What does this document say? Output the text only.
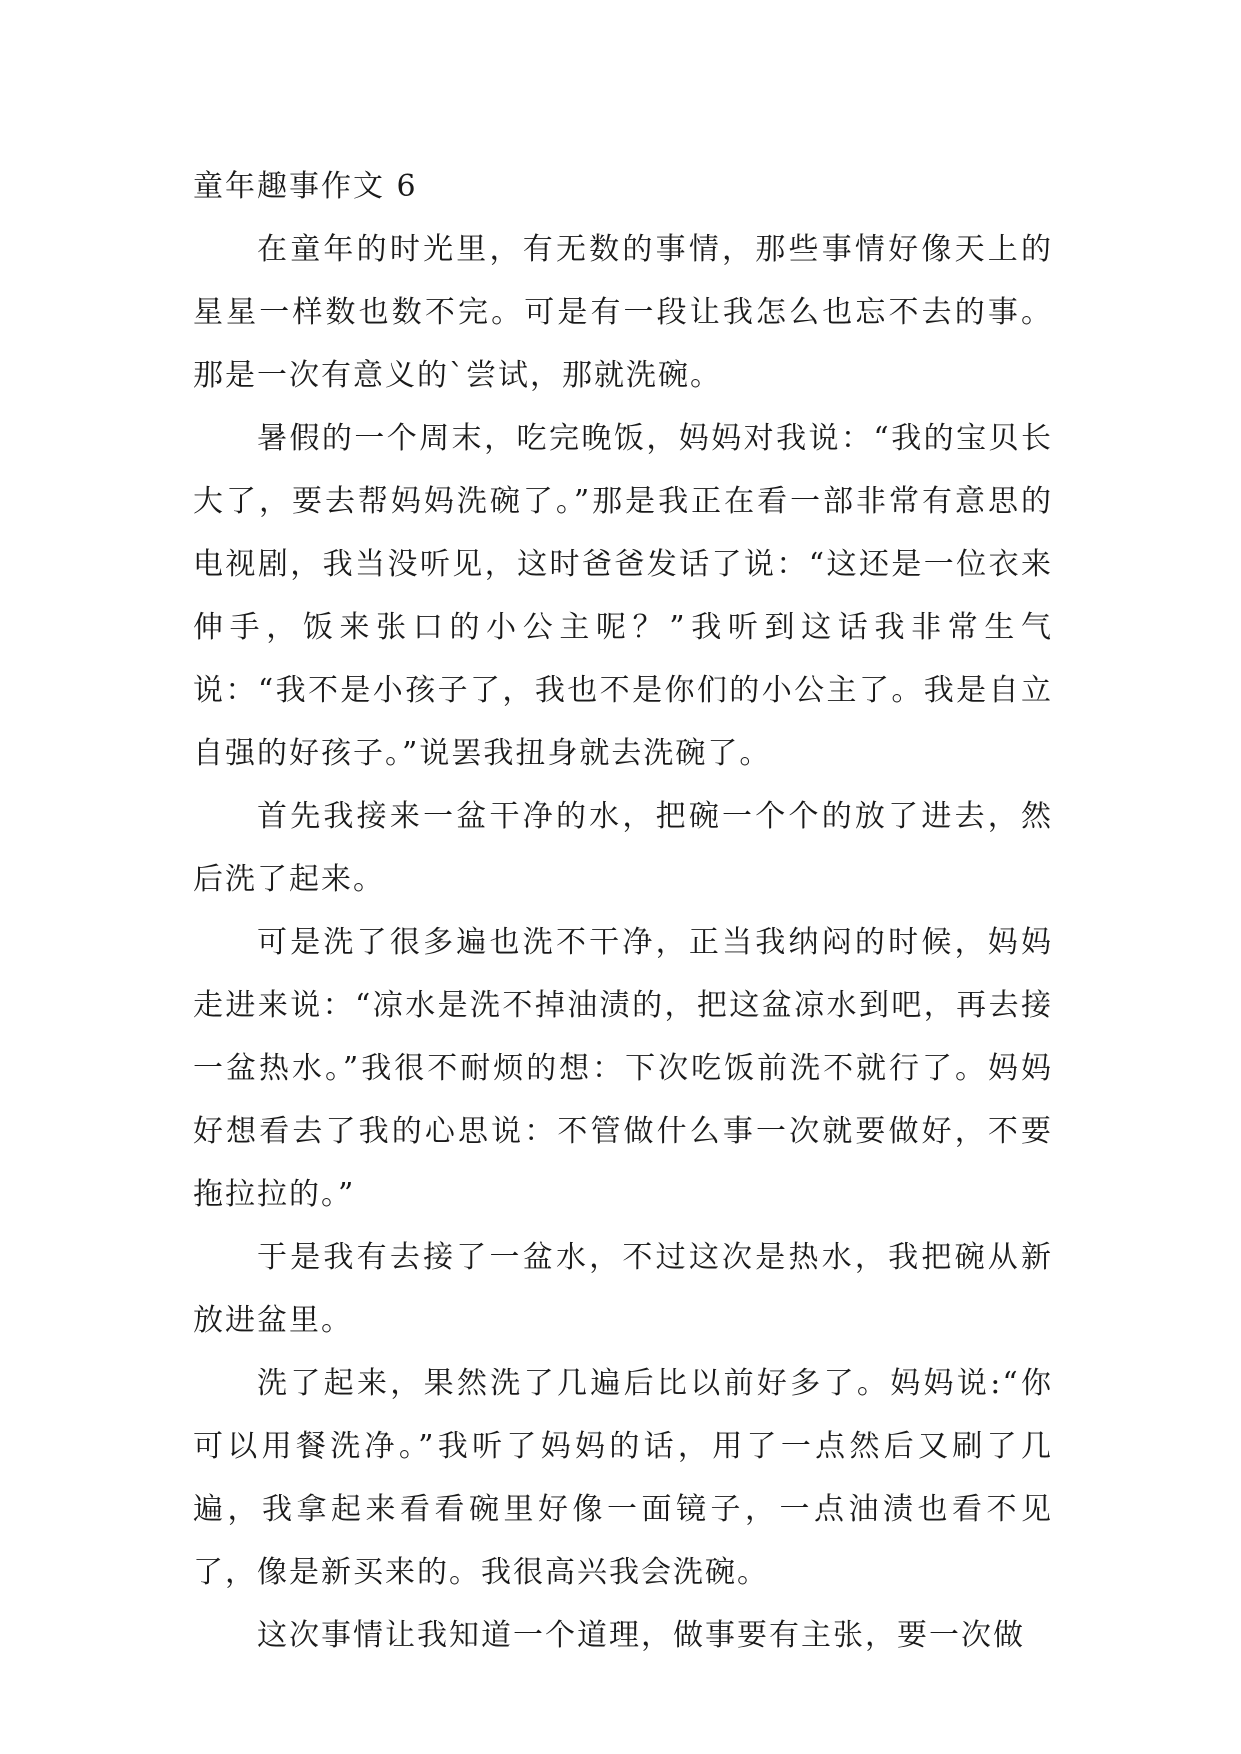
童年趣事作文 6

在童年的时光里，有无数的事情，那些事情好像天上的星星一样数也数不完。可是有一段让我怎么也忘不去的事。那是一次有意义的`尝试，那就洗碗。

暑假的一个周末，吃完晚饭，妈妈对我说：“我的宝贝长大了，要去帮妈妈洗碗了。”那是我正在看一部非常有意思的电视剧，我当没听见，这时爸爸发话了说：“这还是一位衣来伸手，饭来张口的小公主呢？”我听到这话我非常生气说：“我不是小孩子了，我也不是你们的小公主了。我是自立自强的好孩子。”说罢我扭身就去洗碗了。

首先我接来一盆干净的水，把碗一个个的放了进去，然后洗了起来。

可是洗了很多遍也洗不干净，正当我纳闷的时候，妈妈走进来说：“凉水是洗不掉油渍的，把这盆凉水到吧，再去接一盆热水。”我很不耐烦的想：下次吃饭前洗不就行了。妈妈好想看去了我的心思说：不管做什么事一次就要做好，不要拖拉拉的。”

于是我有去接了一盆水，不过这次是热水，我把碗从新放进盆里。

洗了起来，果然洗了几遍后比以前好多了。妈妈说:“你可以用餐洗净。”我听了妈妈的话，用了一点然后又刷了几遍，我拿起来看看碗里好像一面镜子，一点油渍也看不见了，像是新买来的。我很高兴我会洗碗。

这次事情让我知道一个道理，做事要有主张，要一次做
